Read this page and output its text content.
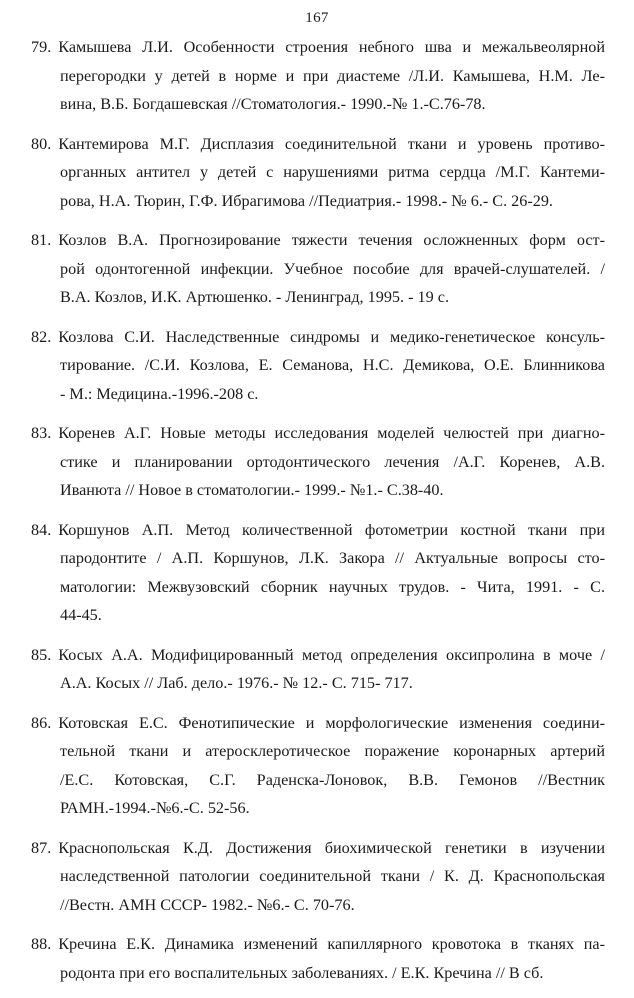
167
79. Камышева Л.И. Особенности строения небного шва и межальвеолярной
перегородки у детей в норме и при диастеме /Л.И. Камышева, Н.М. Ле-
вина, В.Б. Богдашевская //Стоматология.- 1990.-№ 1.-С.76-78.
80. Кантемирова М.Г. Дисплазия соединительной ткани и уровень противо-
органных антител у детей с нарушениями ритма сердца /М.Г. Кантеми-
рова, Н.А. Тюрин, Г.Ф. Ибрагимова //Педиатрия.- 1998.- № 6.- С. 26-29.
81. Козлов В.А. Прогнозирование тяжести течения осложненных форм ост-
рой одонтогенной инфекции. Учебное пособие для врачей-слушателей. /
В.А. Козлов, И.К. Артюшенко. - Ленинград, 1995. - 19 с.
82. Козлова С.И. Наследственные синдромы и медико-генетическое консуль-
тирование. /С.И. Козлова, Е. Семанова, Н.С. Демикова, О.Е. Блинникова
- М.: Медицина.-1996.-208 с.
83. Коренев А.Г. Новые методы исследования моделей челюстей при диагно-
стике и планировании ортодонтического лечения /А.Г. Коренев, А.В.
Иванюта // Новое в стоматологии.- 1999.- №1.- С.38-40.
84. Коршунов А.П. Метод количественной фотометрии костной ткани при
пародонтите / А.П. Коршунов, Л.К. Закора // Актуальные вопросы сто-
матологии: Межвузовский сборник научных трудов. - Чита, 1991. - С.
44-45.
85. Косых А.А. Модифицированный метод определения оксипролина в моче /
А.А. Косых // Лаб. дело.- 1976.- № 12.- С. 715- 717.
86. Котовская Е.С. Фенотипические и морфологические изменения соедини-
тельной ткани и атеросклеротическое поражение коронарных артерий
/Е.С. Котовская, С.Г. Раденска-Лоновок, В.В. Гемонов //Вестник
РАМН.-1994.-№6.-С. 52-56.
87. Краснопольская К.Д. Достижения биохимической генетики в изучении
наследственной патологии соединительной ткани / К. Д. Краснопольская
//Вестн. АМН СССР- 1982.- №6.- С. 70-76.
88. Кречина Е.К. Динамика изменений капиллярного кровотока в тканях па-
родонта при его воспалительных заболеваниях. / Е.К. Кречина // В сб.
